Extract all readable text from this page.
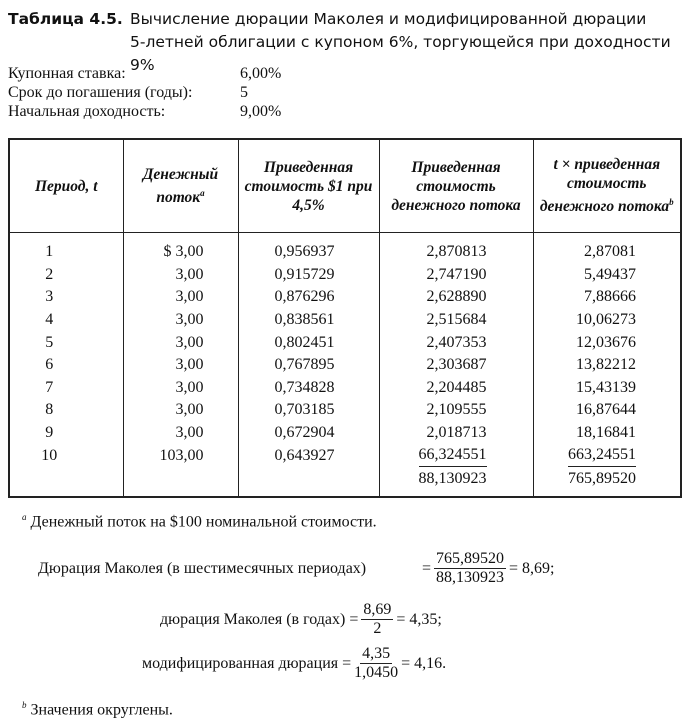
Таблица 4.5. Вычисление дюрации Маколея и модифицированной дюрации
5-летней облигации с купоном 6%, торгующейся при доходности 9%
Купонная ставка:	6,00%
Срок до погашения (годы):	5
Начальная доходность:	9,00%
Период, t	Денежный поток$^a$	Приведенная стоимость $1 при 4,5%	Приведенная стоимость денежного потока	t × приведенная стоимость денежного потока$^b$
1	$ 3,00	0,956937	2,870813	2,87081
2	3,00	0,915729	2,747190	5,49437
3	3,00	0,876296	2,628890	7,88666
4	3,00	0,838561	2,515684	10,06273
5	3,00	0,802451	2,407353	12,03676
6	3,00	0,767895	2,303687	13,82212
7	3,00	0,734828	2,204485	15,43139
8	3,00	0,703185	2,109555	16,87644
9	3,00	0,672904	2,018713	18,16841
10	103,00	0,643927	66,324551	663,24551
			88,130923	765,89520
$^a$ Денежный поток на $100 номинальной стоимости.
Дюрация Маколея (в шестимесячных периодах)	= $\frac{765,89520}{88,130923} = 8,69$;
дюрация Маколея (в годах) = $\frac{8,69}{2} = 4,35$;
модифицированная дюрация = $\frac{4,35}{1,0450} = 4,16$.
$^b$ Значения округлены.
